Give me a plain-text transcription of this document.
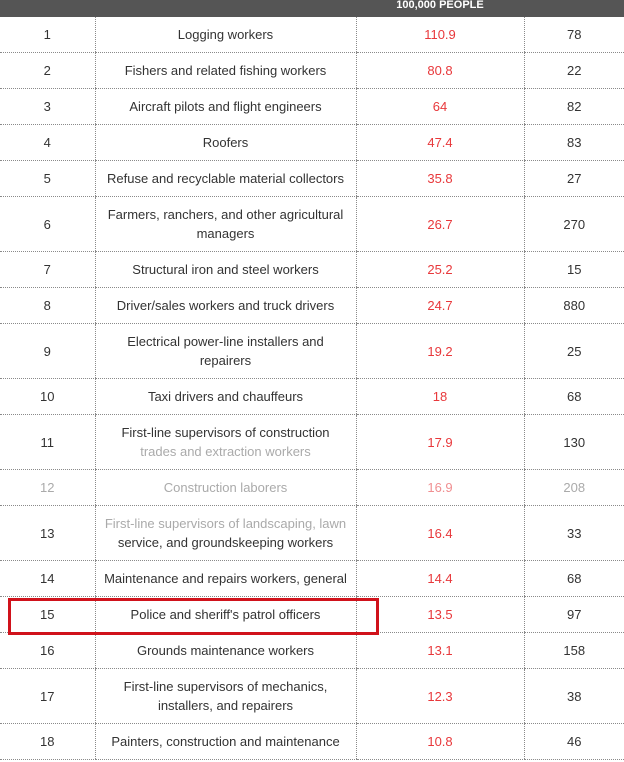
100,000 PEOPLE
1	Logging workers	110.9	78
2	Fishers and related fishing workers	80.8	22
3	Aircraft pilots and flight engineers	64	82
4	Roofers	47.4	83
5	Refuse and recyclable material collectors	35.8	27
6	Farmers, ranchers, and other agricultural
managers	26.7	270
7	Structural iron and steel workers	25.2	15
8	Driver/sales workers and truck drivers	24.7	880
9	Electrical power-line installers and
repairers	19.2	25
10	Taxi drivers and chauffeurs	18	68
11	First-line supervisors of construction
trades and extraction workers	17.9	130
12	Construction laborers	16.9	208
13	First-line supervisors of landscaping, lawn
service, and groundskeeping workers	16.4	33
14	Maintenance and repairs workers, general	14.4	68
15	Police and sheriff's patrol officers	13.5	97
16	Grounds maintenance workers	13.1	158
17	First-line supervisors of mechanics,
installers, and repairers	12.3	38
18	Painters, construction and maintenance	10.8	46
